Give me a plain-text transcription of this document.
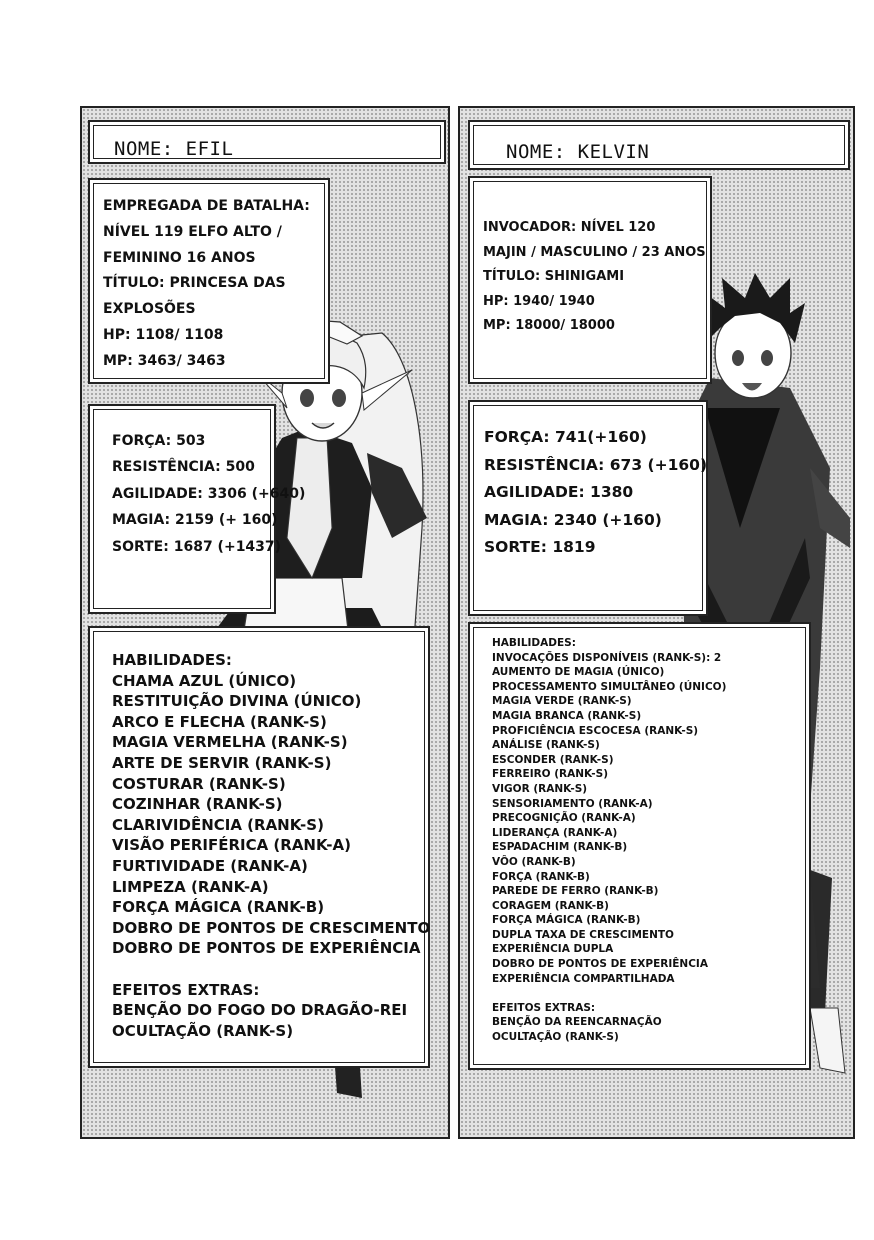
NOME: EFIL
EMPREGADA DE BATALHA:
NÍVEL 119 ELFO ALTO /
FEMININO 16 ANOS
TÍTULO: PRINCESA DAS
EXPLOSÕES
HP: 1108/ 1108
MP: 3463/ 3463
FORÇA: 503
RESISTÊNCIA: 500
AGILIDADE: 3306 (+640)
MAGIA: 2159 (+ 160)
SORTE: 1687 (+1437)
HABILIDADES:
CHAMA AZUL (ÚNICO)
RESTITUIÇÃO DIVINA (ÚNICO)
ARCO E FLECHA (RANK-S)
MAGIA VERMELHA (RANK-S)
ARTE DE SERVIR (RANK-S)
COSTURAR (RANK-S)
COZINHAR (RANK-S)
CLARIVIDÊNCIA (RANK-S)
VISÃO PERIFÉRICA (RANK-A)
FURTIVIDADE (RANK-A)
LIMPEZA (RANK-A)
FORÇA MÁGICA (RANK-B)
DOBRO DE PONTOS DE CRESCIMENTO
DOBRO DE PONTOS DE EXPERIÊNCIA
EFEITOS EXTRAS:
BENÇÃO DO FOGO DO DRAGÃO-REI
OCULTAÇÃO (RANK-S)
NOME: KELVIN
INVOCADOR: NÍVEL 120
MAJIN / MASCULINO / 23 ANOS
TÍTULO: SHINIGAMI
HP: 1940/ 1940
MP: 18000/ 18000
FORÇA: 741(+160)
RESISTÊNCIA: 673 (+160)
AGILIDADE: 1380
MAGIA: 2340 (+160)
SORTE: 1819
HABILIDADES:
INVOCAÇÕES DISPONÍVEIS (RANK-S): 2
AUMENTO DE MAGIA (ÚNICO)
PROCESSAMENTO SIMULTÂNEO (ÚNICO)
MAGIA VERDE (RANK-S)
MAGIA BRANCA (RANK-S)
PROFICIÊNCIA ESCOCESA (RANK-S)
ANÁLISE (RANK-S)
ESCONDER (RANK-S)
FERREIRO (RANK-S)
VIGOR (RANK-S)
SENSORIAMENTO (RANK-A)
PRECOGNIÇÃO (RANK-A)
LIDERANÇA (RANK-A)
ESPADACHIM (RANK-B)
VÔO (RANK-B)
FORÇA (RANK-B)
PAREDE DE FERRO (RANK-B)
CORAGEM (RANK-B)
FORÇA MÁGICA (RANK-B)
DUPLA TAXA DE CRESCIMENTO
EXPERIÊNCIA DUPLA
DOBRO DE PONTOS DE EXPERIÊNCIA
EXPERIÊNCIA COMPARTILHADA
EFEITOS EXTRAS:
BENÇÃO DA REENCARNAÇÃO
OCULTAÇÃO (RANK-S)
